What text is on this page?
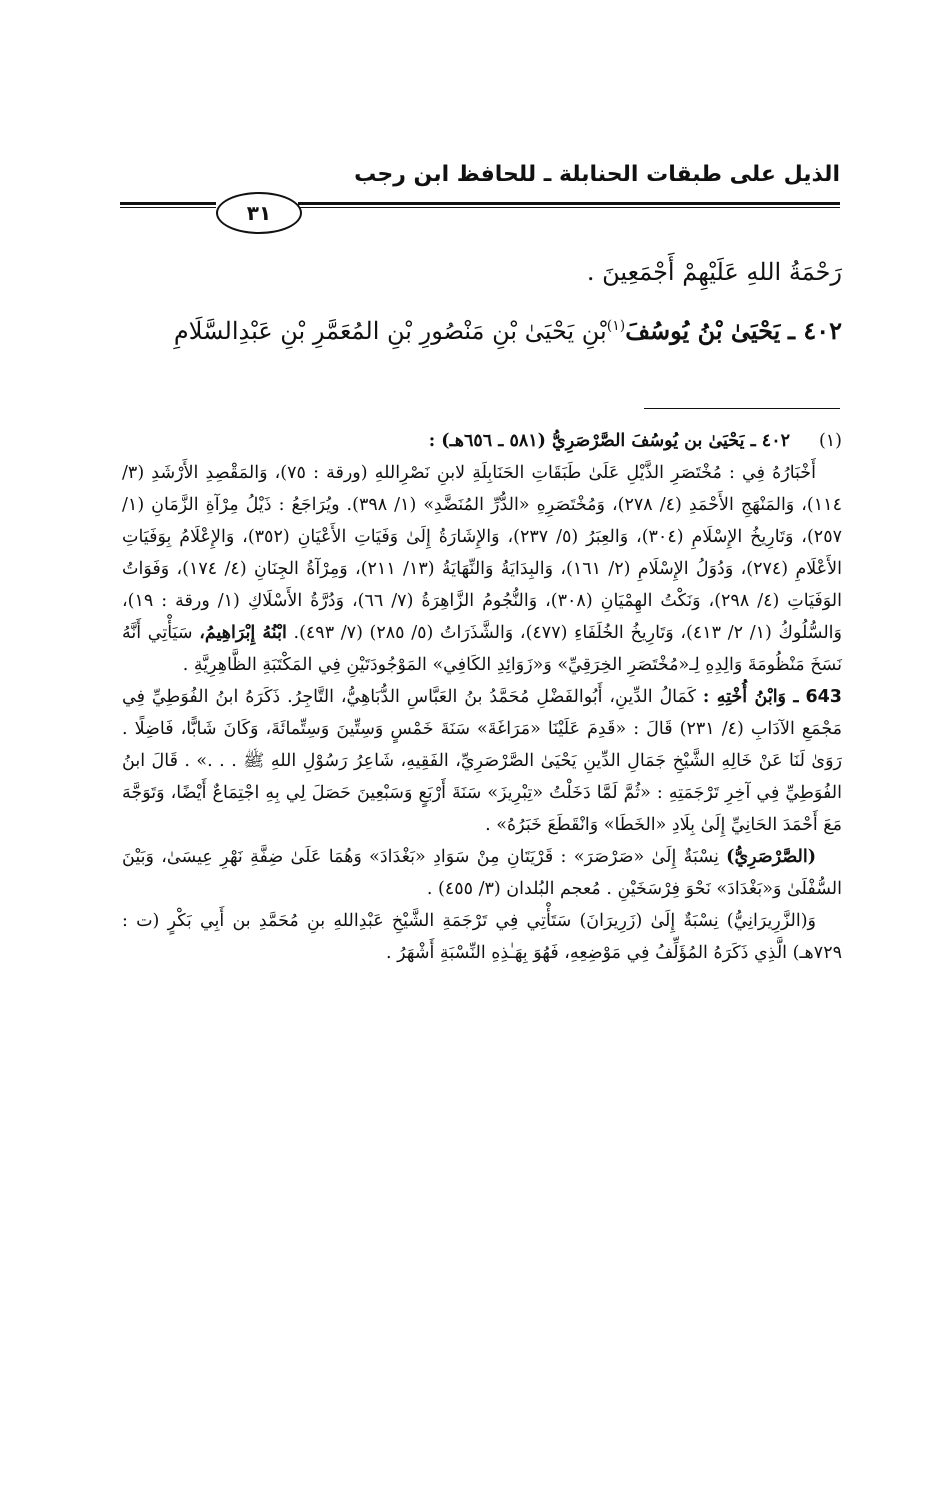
الذيل على طبقات الحنابلة ـ للحافظ ابن رجب
٣١
رَحْمَةُ اللهِ عَلَيْهِمْ أَجْمَعِينَ .
٤٠٢ ـ يَحْيَىٰ بْنُ يُوسُفَ$^{(١)}$بْنِ يَحْيَىٰ بْنِ مَنْصُورِ بْنِ المُعَمَّرِ بْنِ عَبْدِالسَّلَامِ

(١)٤٠٢ ـ يَحْيَىٰ بن يُوسُفَ الصَّرْصَرِيُّ (٥٨١ ـ ٦٥٦هـ) :

أَخْبَارُهُ فِي : مُخْتَصَرِ الذَّيْلِ عَلَىٰ طَبَقَاتِ الحَنَابِلَةِ لابنِ نَصْرِاللهِ (ورقة : ٧٥)، وَالمَقْصِدِ الأَرْشَدِ (٣/ ١١٤)، وَالمَنْهَجِ الأَحْمَدِ (٤/ ٢٧٨)، وَمُخْتَصَرِهِ «الدُّرِّ المُنَضَّدِ» (١/ ٣٩٨). ويُرَاجَعُ : ذَيْلُ مِرْآةِ الزَّمَانِ (١/ ٢٥٧)، وَتَارِيخُ الإِسْلَامِ (٣٠٤)، وَالعِبَرُ (٥/ ٢٣٧)، وَالإِشَارَةُ إِلَىٰ وَفَيَاتِ الأَعْيَانِ (٣٥٢)، وَالإِعْلَامُ بِوَفَيَاتِ الأَعْلَامِ (٢٧٤)، وَدُوَلُ الإِسْلَامِ (٢/ ١٦١)، وَالبِدَايَةُ وَالنِّهَايَةُ (١٣/ ٢١١)، وَمِرْآةُ الجِنَانِ (٤/ ١٧٤)، وَفَوَاتُ الوَفَيَاتِ (٤/ ٢٩٨)، وَنَكْتُ الهِمْيَانِ (٣٠٨)، وَالنُّجُومُ الزَّاهِرَةُ (٧/ ٦٦)، وَدُرَّةُ الأَسْلَاكِ (١/ ورقة : ١٩)، وَالسُّلُوكُ (١/ ٢/ ٤١٣)، وَتَارِيخُ الخُلَفَاءِ (٤٧٧)، وَالشَّذَرَاتُ (٥/ ٢٨٥) (٧/ ٤٩٣). ابْنُهُ إِبْرَاهِيمُ، سَيَأْتِي أَنَّهُ نَسَخَ مَنْظُومَةَ وَالِدِهِ لِـ«مُخْتَصَرِ الخِرَقِيِّ» وَ«زَوَائِدِ الكَافِي» المَوْجُودَتَيْنِ فِي المَكْتَبَةِ الظَّاهِرِيَّةِ .

643 ـ وَابْنُ أُخْتِهِ : كَمَالُ الدِّينِ، أَبُوالفَضْلِ مُحَمَّدُ بنُ العَبَّاسِ الدُّبَاهِيُّ، التَّاجِرُ. ذَكَرَهُ ابنُ الفُوَطِيِّ فِي مَجْمَعِ الآدَابِ (٤/ ٢٣١) قَالَ : «قَدِمَ عَلَيْنَا «مَرَاغَةَ» سَنَةَ خَمْسٍ وَسِتِّينَ وَسِتِّمائَةَ، وَكَانَ شَابًّا، فَاضِلًا . رَوَىٰ لَنَا عَنْ خَالِهِ الشَّيْخِ جَمَالِ الدِّينِ يَحْيَىٰ الصَّرْصَرِيِّ، الفَقِيهِ، شَاعِرُ رَسُوْلِ اللهِ ﷺ . . .» . قَالَ ابنُ الفُوَطِيِّ فِي آخِرِ تَرْجَمَتِهِ : «ثُمَّ لَمَّا دَخَلْتُ «تِبْرِيزَ» سَنَةَ أَرْبَعٍ وَسَبْعِينَ حَصَلَ لِي بِهِ اجْتِمَاعٌ أَيْضًا، وَتَوَجَّهَ مَعَ أَحْمَدَ الحَانِيِّ إِلَىٰ بِلَادِ «الخَطَا» وَانْقَطَعَ خَبَرُهُ» .

(الصَّرْصَرِيُّ) نِسْبَةٌ إِلَىٰ «صَرْصَرَ» : قَرْيَتَانِ مِنْ سَوَادِ «بَغْدَادَ» وَهُمَا عَلَىٰ ضِفَّةِ نَهْرِ عِيسَىٰ، وَبَيْنَ السُّفْلَىٰ وَ«بَغْدَادَ» نَحْوَ فِرْسَخَيْنِ . مُعجم البُلدان (٣/ ٤٥٥) .

وَ(الزَّرِيرَانِيُّ) نِسْبَةٌ إِلَىٰ (زَرِيرَانَ) سَتَأْتِي فِي تَرْجَمَةِ الشَّيْخِ عَبْدِاللهِ بنِ مُحَمَّدِ بن أَبِي بَكْرٍ (ت : ٧٢٩هـ) الَّذِي ذَكَرَهُ المُؤَلِّفُ فِي مَوْضِعِهِ، فَهُوَ بِهَـٰذِهِ النِّسْبَةِ أَشْهَرُ .
